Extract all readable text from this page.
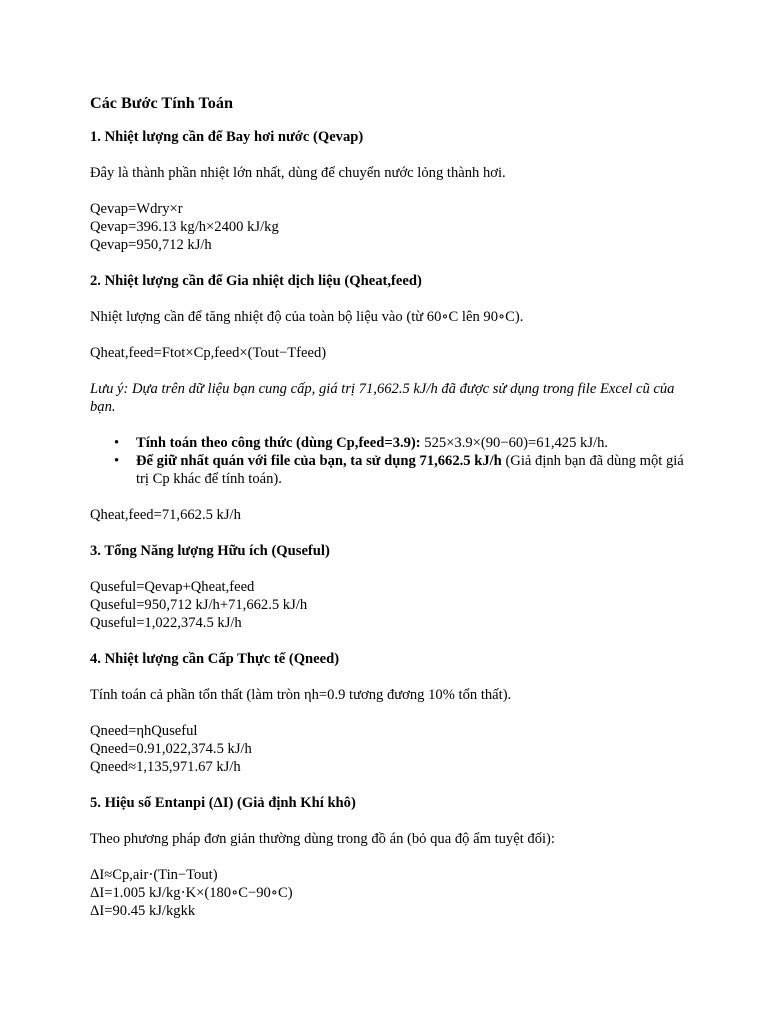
Các Bước Tính Toán
1. Nhiệt lượng cần để Bay hơi nước (Qevap)
Đây là thành phần nhiệt lớn nhất, dùng để chuyển nước lỏng thành hơi.
Qevap=Wdry×r
Qevap=396.13 kg/h×2400 kJ/kg
Qevap=950,712 kJ/h
2. Nhiệt lượng cần để Gia nhiệt dịch liệu (Qheat,feed)
Nhiệt lượng cần để tăng nhiệt độ của toàn bộ liệu vào (từ 60∘C lên 90∘C).
Qheat,feed=Ftot×Cp,feed×(Tout−Tfeed)
Lưu ý: Dựa trên dữ liệu bạn cung cấp, giá trị 71,662.5 kJ/h đã được sử dụng trong file Excel cũ của bạn.
• Tính toán theo công thức (dùng Cp,feed=3.9): 525×3.9×(90−60)=61,425 kJ/h.
• Để giữ nhất quán với file của bạn, ta sử dụng 71,662.5 kJ/h (Giả định bạn đã dùng một giá trị Cp khác để tính toán).
Qheat,feed=71,662.5 kJ/h
3. Tổng Năng lượng Hữu ích (Quseful)
Quseful=Qevap+Qheat,feed
Quseful=950,712 kJ/h+71,662.5 kJ/h
Quseful=1,022,374.5 kJ/h
4. Nhiệt lượng cần Cấp Thực tế (Qneed)
Tính toán cả phần tổn thất (làm tròn ηh=0.9 tương đương 10% tổn thất).
Qneed=ηhQuseful
Qneed=0.91,022,374.5 kJ/h
Qneed≈1,135,971.67 kJ/h
5. Hiệu số Entanpi (ΔI) (Giả định Khí khô)
Theo phương pháp đơn giản thường dùng trong đồ án (bỏ qua độ ẩm tuyệt đối):
ΔI≈Cp,air⋅(Tin−Tout)
ΔI=1.005 kJ/kg⋅K×(180∘C−90∘C)
ΔI=90.45 kJ/kgkk
